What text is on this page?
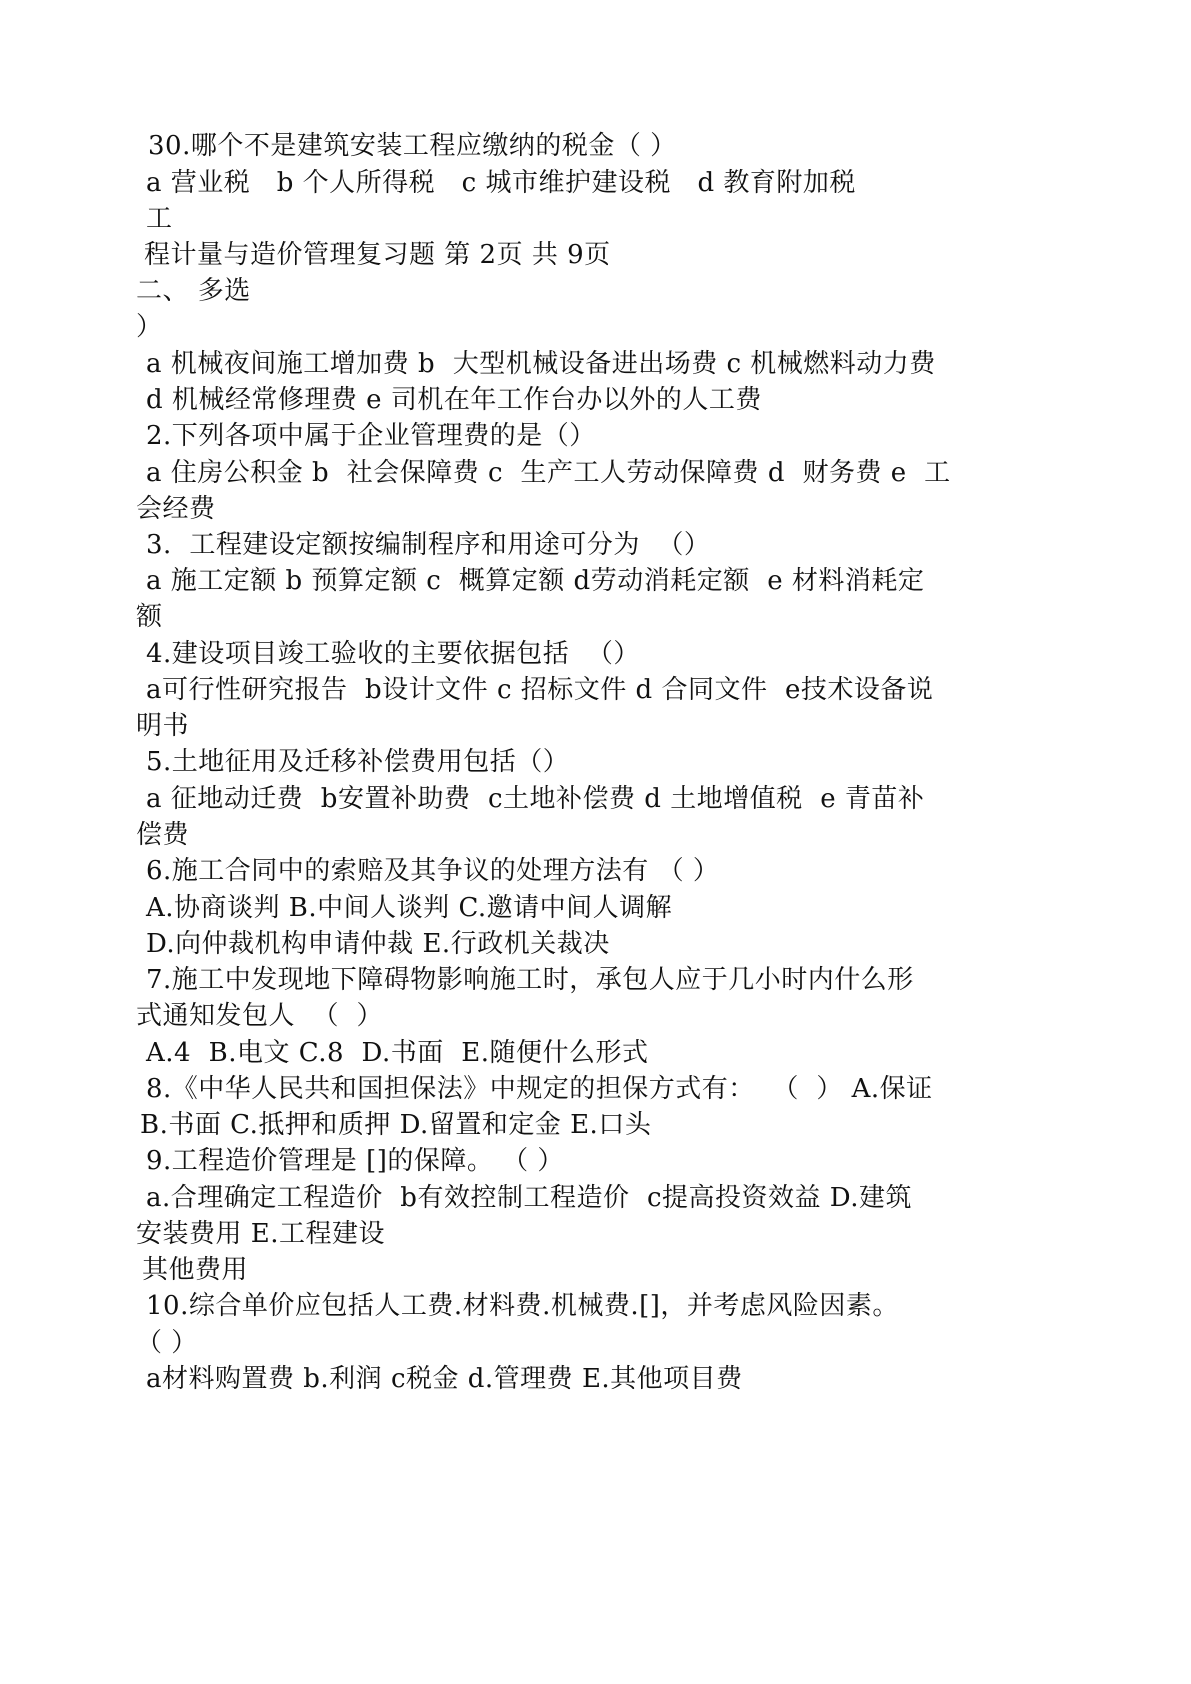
30.哪个不是建筑安装工程应缴纳的税金（ ）
a 营业税　b 个人所得税　c 城市维护建设税　d 教育附加税
工
程计量与造价管理复习题 第 2页 共 9页
二、 多选
）
a 机械夜间施工增加费 b  大型机械设备进出场费 c 机械燃料动力费
d 机械经常修理费 e 司机在年工作台办以外的人工费
2.下列各项中属于企业管理费的是（）
a 住房公积金 b  社会保障费 c  生产工人劳动保障费 d  财务费 e  工
会经费
3.  工程建设定额按编制程序和用途可分为  （）
a 施工定额 b 预算定额 c  概算定额 d劳动消耗定额  e 材料消耗定
额
4.建设项目竣工验收的主要依据包括  （）
a可行性研究报告  b设计文件 c 招标文件 d 合同文件  e技术设备说
明书
5.土地征用及迁移补偿费用包括（）
a 征地动迁费  b安置补助费  c土地补偿费 d 土地增值税  e 青苗补
偿费
6.施工合同中的索赔及其争议的处理方法有 （ ）
A.协商谈判 B.中间人谈判 C.邀请中间人调解
D.向仲裁机构申请仲裁 E.行政机关裁决
7.施工中发现地下障碍物影响施工时，承包人应于几小时内什么形
式通知发包人  （  ）
A.4  B.电文 C.8  D.书面  E.随便什么形式
8.《中华人民共和国担保法》中规定的担保方式有：  （  ） A.保证
B.书面 C.抵押和质押 D.留置和定金 E.口头
9.工程造价管理是 []的保障。 （ ）
a.合理确定工程造价  b有效控制工程造价  c提高投资效益 D.建筑
安装费用 E.工程建设
其他费用
10.综合单价应包括人工费.材料费.机械费.[]，并考虑风险因素。
（ ）
a材料购置费 b.利润 c税金 d.管理费 E.其他项目费
